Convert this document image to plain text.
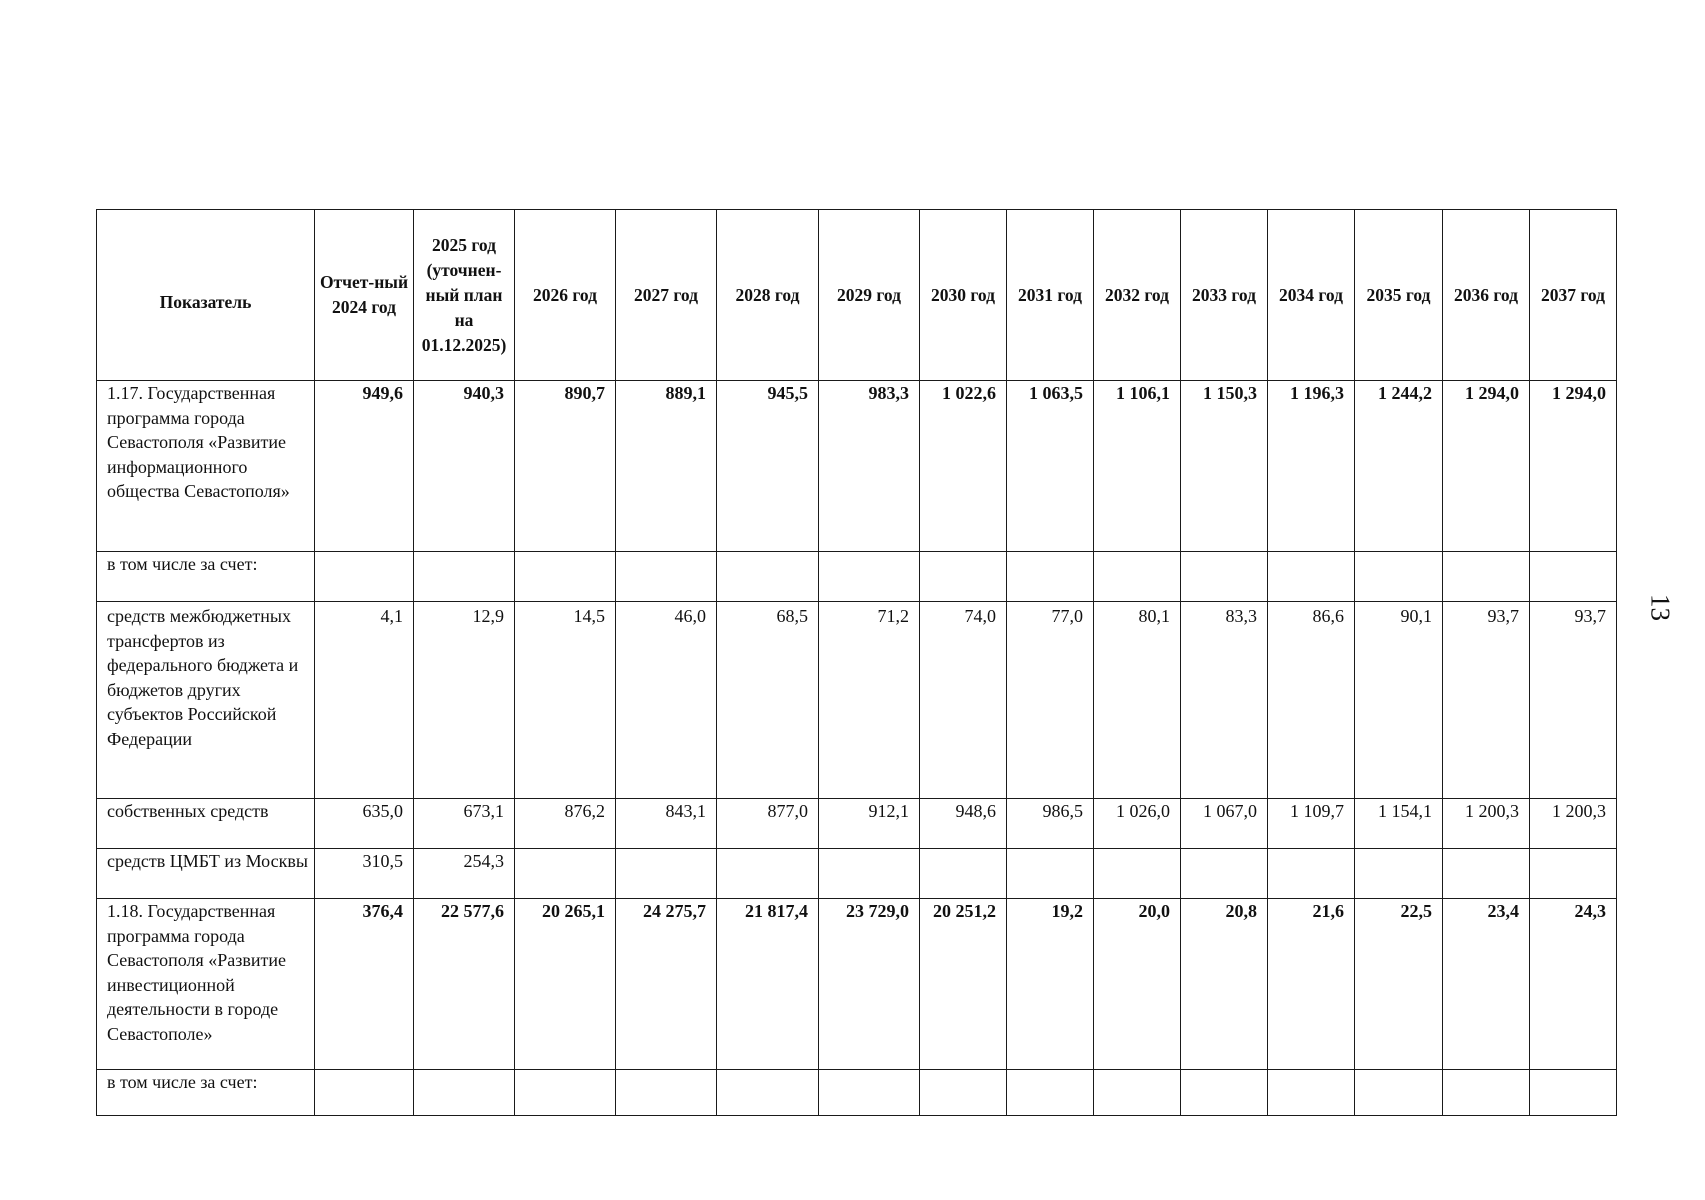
Показатель	Отчет-ный 2024 год	2025 год (уточнен-ный план на 01.12.2025)	2026 год	2027 год	2028 год	2029 год	2030 год	2031 год	2032 год	2033 год	2034 год	2035 год	2036 год	2037 год
1.17. Государственная программа города Севастополя «Развитие информационного общества Севастополя»	949,6	940,3	890,7	889,1	945,5	983,3	1 022,6	1 063,5	1 106,1	1 150,3	1 196,3	1 244,2	1 294,0	1 294,0
в том числе за счет:														
средств межбюджетных трансфертов из федерального бюджета и бюджетов других субъектов Российской Федерации	4,1	12,9	14,5	46,0	68,5	71,2	74,0	77,0	80,1	83,3	86,6	90,1	93,7	93,7
собственных средств	635,0	673,1	876,2	843,1	877,0	912,1	948,6	986,5	1 026,0	1 067,0	1 109,7	1 154,1	1 200,3	1 200,3
средств ЦМБТ из Москвы	310,5	254,3												
1.18. Государственная программа города Севастополя «Развитие инвестиционной деятельности в городе Севастополе»	376,4	22 577,6	20 265,1	24 275,7	21 817,4	23 729,0	20 251,2	19,2	20,0	20,8	21,6	22,5	23,4	24,3
в том числе за счет:														
13
